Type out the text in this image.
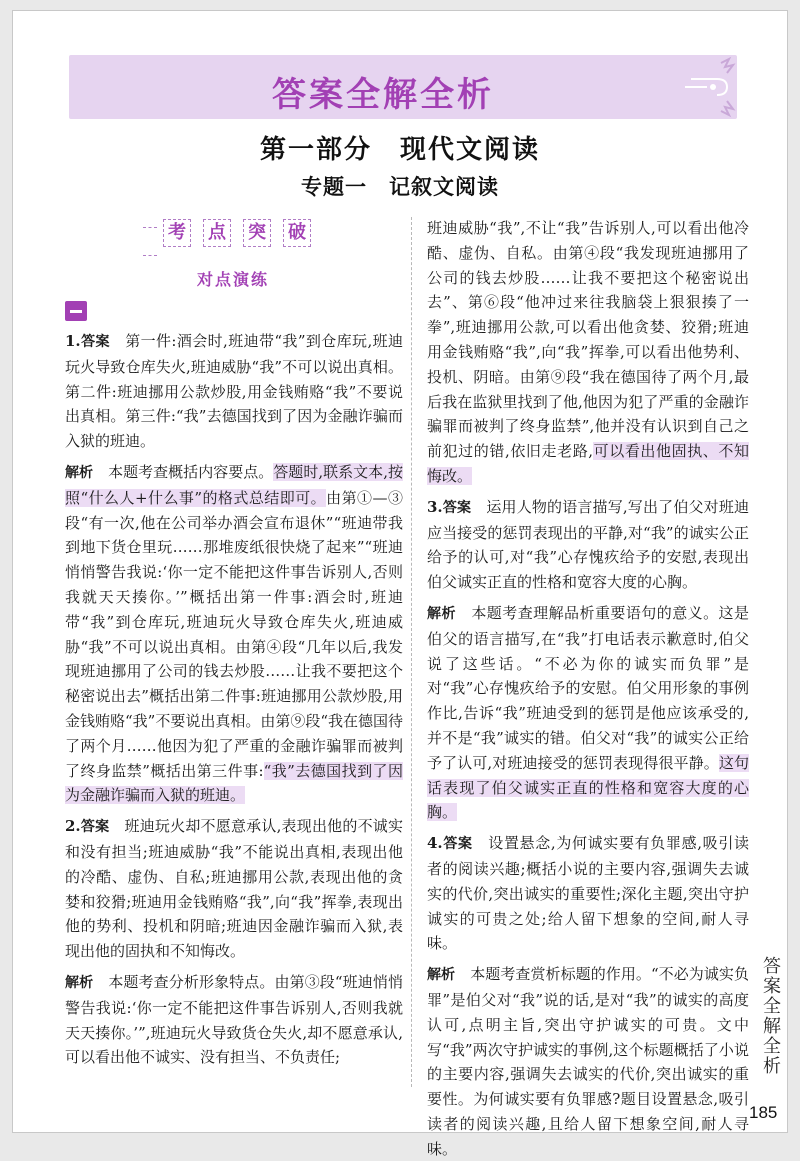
答案全解全析
第一部分　现代文阅读
专题一　记叙文阅读
考 点 突 破
对点演练

1.答案　 第一件:酒会时,班迪带“我”到仓库玩,班迪玩火导致仓库失火,班迪威胁“我”不可以说出真相。第二件:班迪挪用公款炒股,用金钱贿赂“我”不要说出真相。第三件:“我”去德国找到了因为金融诈骗而入狱的班迪。

解析　 本题考查概括内容要点。答题时,联系文本,按照“什么人+什么事”的格式总结即可。由第①—③段“有一次,他在公司举办酒会宣布退休”“班迪带我到地下货仓里玩……那堆废纸很快烧了起来”“班迪悄悄警告我说:‘你一定不能把这件事告诉别人,否则我就天天揍你。’”概括出第一件事:酒会时,班迪带“我”到仓库玩,班迪玩火导致仓库失火,班迪威胁“我”不可以说出真相。由第④段“几年以后,我发现班迪挪用了公司的钱去炒股……让我不要把这个秘密说出去”概括出第二件事:班迪挪用公款炒股,用金钱贿赂“我”不要说出真相。由第⑨段“我在德国待了两个月……他因为犯了严重的金融诈骗罪而被判了终身监禁”概括出第三件事:“我”去德国找到了因为金融诈骗而入狱的班迪。

2.答案　 班迪玩火却不愿意承认,表现出他的不诚实和没有担当;班迪威胁“我”不能说出真相,表现出他的冷酷、虚伪、自私;班迪挪用公款,表现出他的贪婪和狡猾;班迪用金钱贿赂“我”,向“我”挥拳,表现出他的势利、投机和阴暗;班迪因金融诈骗而入狱,表现出他的固执和不知悔改。

解析　 本题考查分析形象特点。由第③段“班迪悄悄警告我说:‘你一定不能把这件事告诉别人,否则我就天天揍你。’”,班迪玩火导致货仓失火,却不愿意承认,可以看出他不诚实、没有担当、不负责任;

班迪威胁“我”,不让“我”告诉别人,可以看出他冷酷、虚伪、自私。由第④段“我发现班迪挪用了公司的钱去炒股……让我不要把这个秘密说出去”、第⑥段“他冲过来往我脑袋上狠狠揍了一拳”,班迪挪用公款,可以看出他贪婪、狡猾;班迪用金钱贿赂“我”,向“我”挥拳,可以看出他势利、投机、阴暗。由第⑨段“我在德国待了两个月,最后我在监狱里找到了他,他因为犯了严重的金融诈骗罪而被判了终身监禁”,他并没有认识到自己之前犯过的错,依旧走老路,可以看出他固执、不知悔改。

3.答案　 运用人物的语言描写,写出了伯父对班迪应当接受的惩罚表现出的平静,对“我”的诚实公正给予的认可,对“我”心存愧疚给予的安慰,表现出伯父诚实正直的性格和宽容大度的心胸。

解析　 本题考查理解品析重要语句的意义。这是伯父的语言描写,在“我”打电话表示歉意时,伯父说了这些话。“不必为你的诚实而负罪”是对“我”心存愧疚给予的安慰。伯父用形象的事例作比,告诉“我”班迪受到的惩罚是他应该承受的,并不是“我”诚实的错。伯父对“我”的诚实公正给予了认可,对班迪接受的惩罚表现得很平静。这句话表现了伯父诚实正直的性格和宽容大度的心胸。

4.答案　 设置悬念,为何诚实要有负罪感,吸引读者的阅读兴趣;概括小说的主要内容,强调失去诚实的代价,突出诚实的重要性;深化主题,突出守护诚实的可贵之处;给人留下想象的空间,耐人寻味。

解析　 本题考查赏析标题的作用。“不必为诚实负罪”是伯父对“我”说的话,是对“我”的诚实的高度认可,点明主旨,突出守护诚实的可贵。文中写“我”两次守护诚实的事例,这个标题概括了小说的主要内容,强调失去诚实的代价,突出诚实的重要性。为何诚实要有负罪感?题目设置悬念,吸引读者的阅读兴趣,且给人留下想象空间,耐人寻味。

答案全解全析
185
